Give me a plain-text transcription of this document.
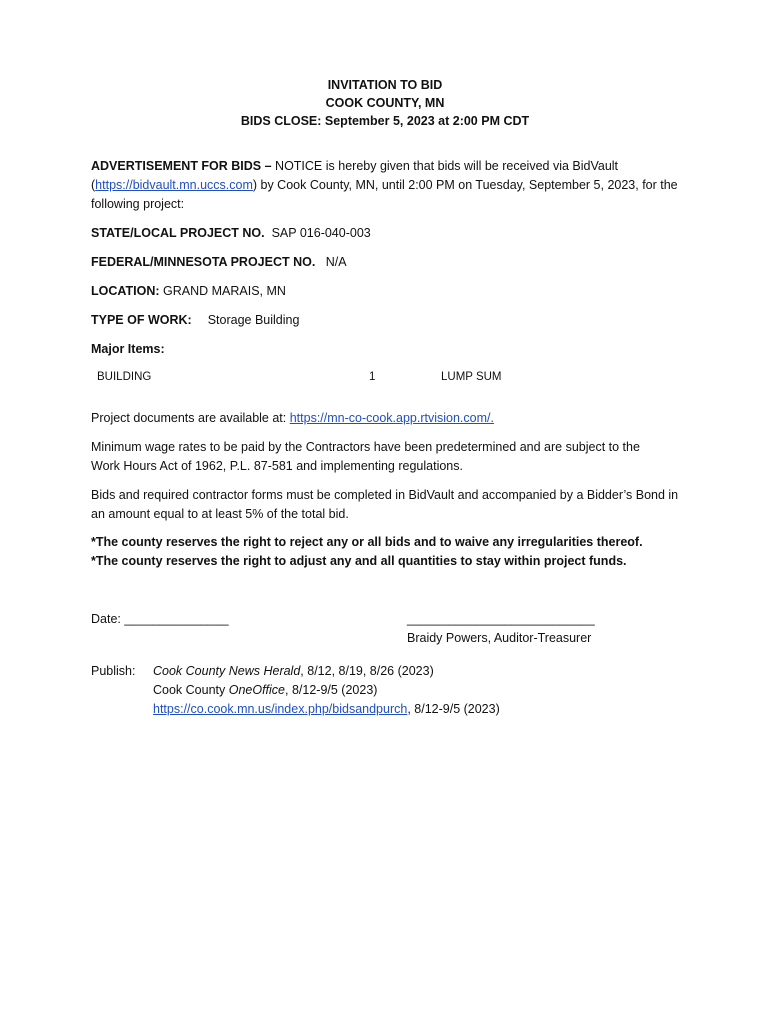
INVITATION TO BID
COOK COUNTY, MN
BIDS CLOSE: September 5, 2023 at 2:00 PM CDT
ADVERTISEMENT FOR BIDS – NOTICE is hereby given that bids will be received via BidVault
(https://bidvault.mn.uccs.com) by Cook County, MN, until 2:00 PM on Tuesday, September 5, 2023, for the following project:
STATE/LOCAL PROJECT NO. SAP 016-040-003
FEDERAL/MINNESOTA PROJECT NO. N/A
LOCATION: GRAND MARAIS, MN
TYPE OF WORK: Storage Building
Major Items:
BUILDING	1	LUMP SUM
Project documents are available at: https://mn-co-cook.app.rtvision.com/.
Minimum wage rates to be paid by the Contractors have been predetermined and are subject to the Work Hours Act of 1962, P.L. 87-581 and implementing regulations.
Bids and required contractor forms must be completed in BidVault and accompanied by a Bidder’s Bond in an amount equal to at least 5% of the total bid.
*The county reserves the right to reject any or all bids and to waive any irregularities thereof.
*The county reserves the right to adjust any and all quantities to stay within project funds.
Date: _______________	___________________________
Braidy Powers, Auditor-Treasurer
Publish: Cook County News Herald, 8/12, 8/19, 8/26 (2023)
Cook County OneOffice, 8/12-9/5 (2023)
https://co.cook.mn.us/index.php/bidsandpurch, 8/12-9/5 (2023)
